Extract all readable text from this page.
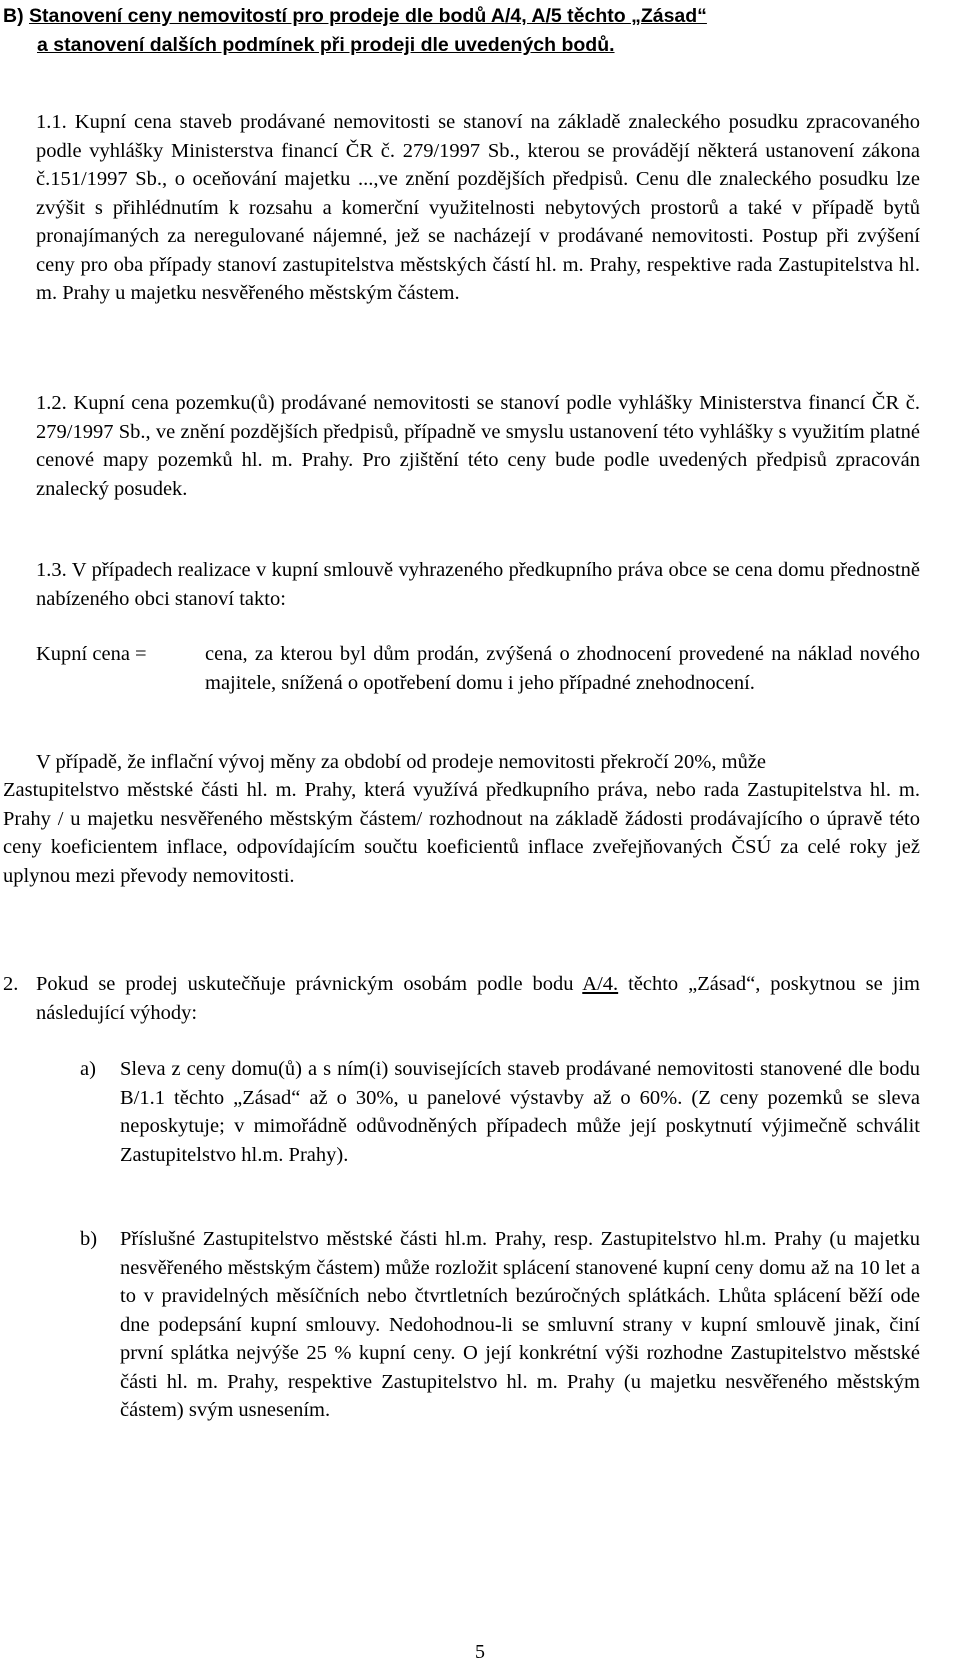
B) Stanovení ceny nemovitostí pro prodeje dle bodů A/4, A/5 těchto „Zásad“
a stanovení dalších podmínek při prodeji dle uvedených bodů.
1.1. Kupní cena staveb prodávané nemovitosti se stanoví na základě znaleckého posudku zpracovaného podle vyhlášky Ministerstva financí ČR č. 279/1997 Sb., kterou se provádějí některá ustanovení zákona č.151/1997 Sb., o oceňování majetku ...,ve znění pozdějších předpisů. Cenu dle znaleckého posudku lze zvýšit s přihlédnutím k rozsahu a komerční využitelnosti nebytových prostorů a také v případě bytů pronajímaných za neregulované nájemné, jež se nacházejí v prodávané nemovitosti. Postup při zvýšení ceny pro oba případy stanoví zastupitelstva městských částí hl. m. Prahy, respektive rada Zastupitelstva hl. m. Prahy u majetku nesvěřeného městským částem.
1.2. Kupní cena pozemku(ů) prodávané nemovitosti se stanoví podle vyhlášky Ministerstva financí ČR č. 279/1997 Sb., ve znění pozdějších předpisů, případně ve smyslu ustanovení této vyhlášky s využitím platné cenové mapy pozemků hl. m. Prahy. Pro zjištění této ceny bude podle uvedených předpisů zpracován znalecký posudek.
1.3. V případech realizace v kupní smlouvě vyhrazeného předkupního práva obce se cena domu přednostně nabízeného obci stanoví takto:
Kupní cena =	cena, za kterou byl dům prodán, zvýšená o zhodnocení provedené na náklad nového majitele, snížená o opotřebení domu i jeho případné znehodnocení.
V případě, že inflační vývoj měny za období od prodeje nemovitosti překročí 20%, může
Zastupitelstvo městské části hl. m. Prahy, která využívá předkupního práva, nebo rada Zastupitelstva hl. m. Prahy / u majetku nesvěřeného městským částem/ rozhodnout na základě žádosti prodávajícího o úpravě této ceny koeficientem inflace, odpovídajícím součtu koeficientů inflace zveřejňovaných ČSÚ za celé roky jež uplynou mezi převody nemovitosti.
2. Pokud se prodej uskutečňuje právnickým osobám podle bodu A/4. těchto „Zásad“, poskytnou se jim následující výhody:
a) Sleva z ceny domu(ů) a s ním(i) souvisejících staveb prodávané nemovitosti stanovené dle bodu B/1.1 těchto „Zásad“ až o 30%, u panelové výstavby až o 60%. (Z ceny pozemků se sleva neposkytuje; v mimořádně odůvodněných případech může její poskytnutí výjimečně schválit Zastupitelstvo hl.m. Prahy).
b) Příslušné Zastupitelstvo městské části hl.m. Prahy, resp. Zastupitelstvo hl.m. Prahy (u majetku nesvěřeného městským částem) může rozložit splácení stanovené kupní ceny domu až na 10 let a to v pravidelných měsíčních nebo čtvrtletních bezúročných splátkách. Lhůta splácení běží ode dne podepsání kupní smlouvy. Nedohodnou-li se smluvní strany v kupní smlouvě jinak, činí první splátka nejvýše 25 % kupní ceny. O její konkrétní výši rozhodne Zastupitelstvo městské části hl. m. Prahy, respektive Zastupitelstvo hl. m. Prahy (u majetku nesvěřeného městským částem) svým usnesením.
5
